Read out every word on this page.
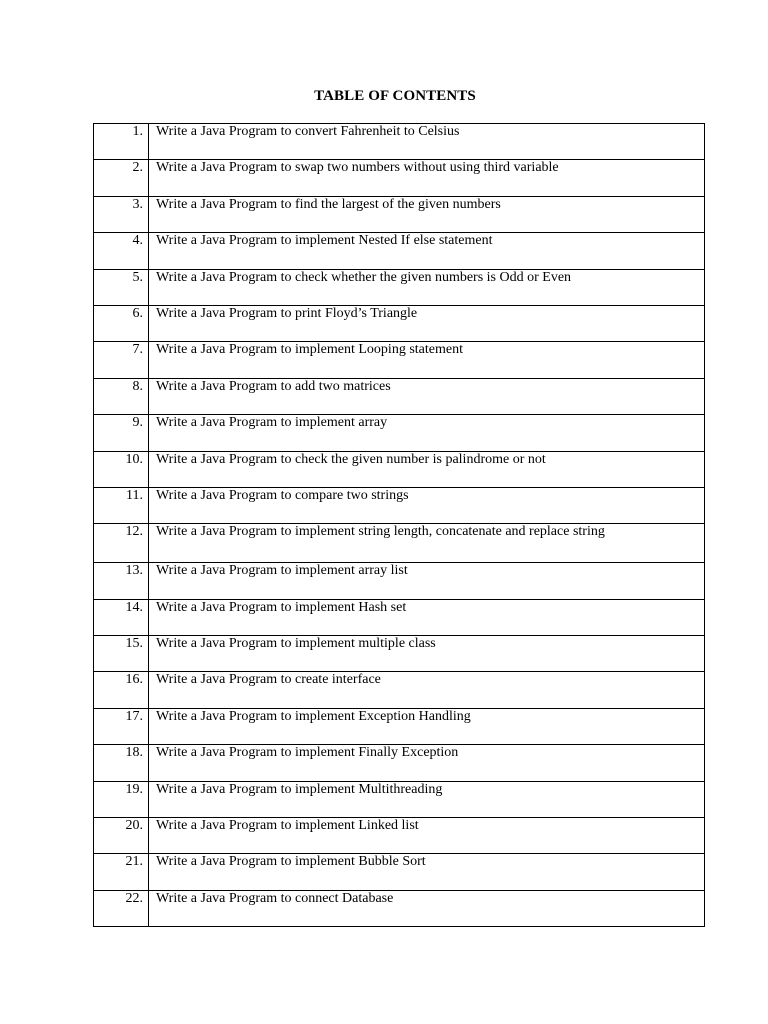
TABLE OF CONTENTS
1.	Write a Java Program to convert Fahrenheit to Celsius

2.	Write a Java Program to swap two numbers without using third variable

3.	Write a Java Program to find the largest of the given numbers

4.	Write a Java Program to implement Nested If else statement

5.	Write a Java Program to check whether the given numbers is Odd or Even

6.	Write a Java Program to print Floyd’s Triangle

7.	Write a Java Program to implement Looping statement

8.	Write a Java Program to add two matrices

9.	Write a Java Program to implement array

10.	Write a Java Program to check the given number is palindrome or not

11.	Write a Java Program to compare two strings

12.	Write a Java Program to implement string length, concatenate and replace string

13.	Write a Java Program to implement array list

14.	Write a Java Program to implement Hash set

15.	Write a Java Program to implement multiple class

16.	Write a Java Program to create interface

17.	Write a Java Program to implement Exception Handling

18.	Write a Java Program to implement Finally Exception

19.	Write a Java Program to implement Multithreading

20.	Write a Java Program to implement Linked list

21.	Write a Java Program to implement Bubble Sort

22.	Write a Java Program to connect Database
